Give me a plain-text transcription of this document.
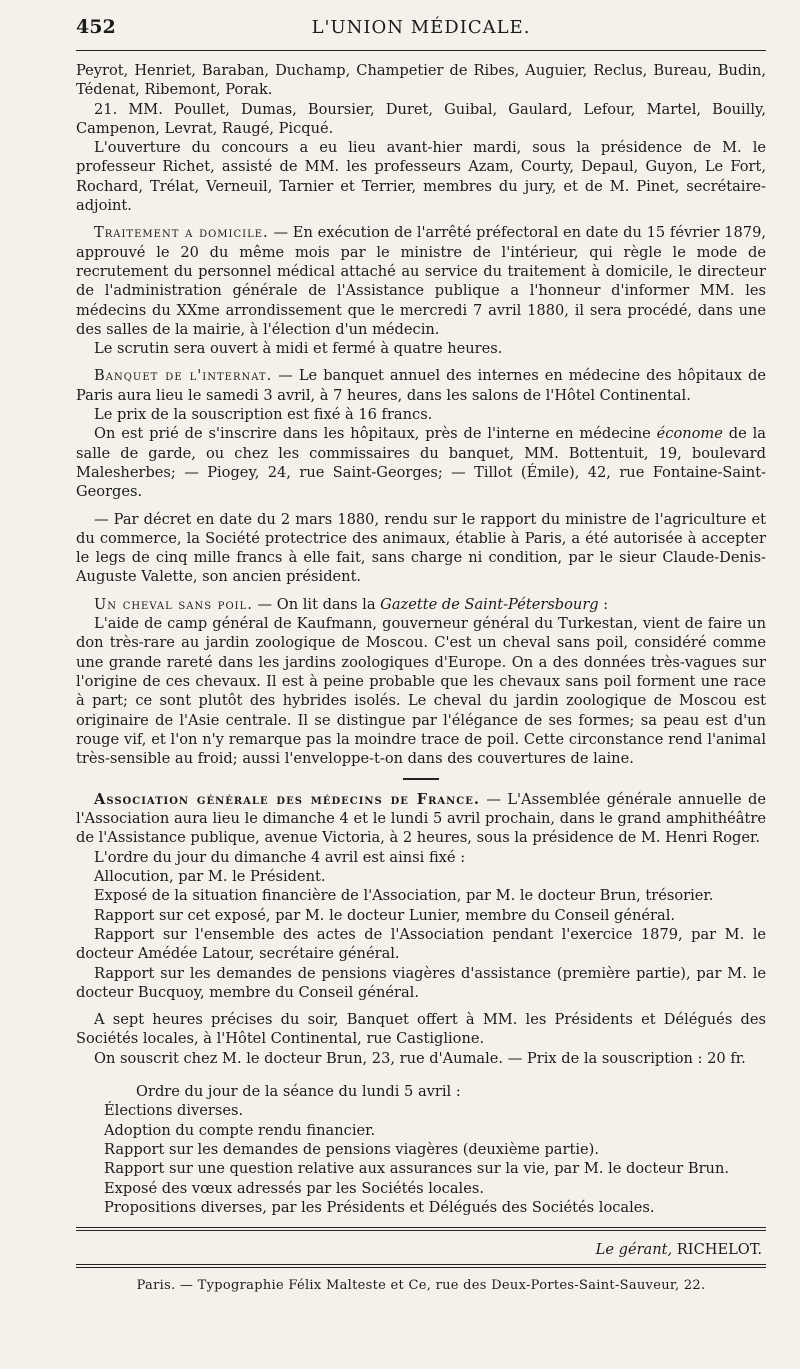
452	L'UNION MÉDICALE.

Peyrot, Henriet, Baraban, Duchamp, Champetier de Ribes, Auguier, Reclus, Bureau, Budin, Tédenat, Ribemont, Porak.

21. MM. Poullet, Dumas, Boursier, Duret, Guibal, Gaulard, Lefour, Martel, Bouilly, Campenon, Levrat, Raugé, Picqué.

L'ouverture du concours a eu lieu avant-hier mardi, sous la présidence de M. le professeur Richet, assisté de MM. les professeurs Azam, Courty, Depaul, Guyon, Le Fort, Rochard, Trélat, Verneuil, Tarnier et Terrier, membres du jury, et de M. Pinet, secrétaire-adjoint.

Traitement a domicile. — En exécution de l'arrêté préfectoral en date du 15 février 1879, approuvé le 20 du même mois par le ministre de l'intérieur, qui règle le mode de recrutement du personnel médical attaché au service du traitement à domicile, le directeur de l'administration générale de l'Assistance publique a l'honneur d'informer MM. les médecins du XXme arrondissement que le mercredi 7 avril 1880, il sera procédé, dans une des salles de la mairie, à l'élection d'un médecin.

Le scrutin sera ouvert à midi et fermé à quatre heures.

Banquet de l'internat. — Le banquet annuel des internes en médecine des hôpitaux de Paris aura lieu le samedi 3 avril, à 7 heures, dans les salons de l'Hôtel Continental.

Le prix de la souscription est fixé à 16 francs.

On est prié de s'inscrire dans les hôpitaux, près de l'interne en médecine économe de la salle de garde, ou chez les commissaires du banquet, MM. Bottentuit, 19, boulevard Malesherbes; — Piogey, 24, rue Saint-Georges; — Tillot (Émile), 42, rue Fontaine-Saint-Georges.

— Par décret en date du 2 mars 1880, rendu sur le rapport du ministre de l'agriculture et du commerce, la Société protectrice des animaux, établie à Paris, a été autorisée à accepter le legs de cinq mille francs à elle fait, sans charge ni condition, par le sieur Claude-Denis-Auguste Valette, son ancien président.

Un cheval sans poil. — On lit dans la Gazette de Saint-Pétersbourg :

L'aide de camp général de Kaufmann, gouverneur général du Turkestan, vient de faire un don très-rare au jardin zoologique de Moscou. C'est un cheval sans poil, considéré comme une grande rareté dans les jardins zoologiques d'Europe. On a des données très-vagues sur l'origine de ces chevaux. Il est à peine probable que les chevaux sans poil forment une race à part; ce sont plutôt des hybrides isolés. Le cheval du jardin zoologique de Moscou est originaire de l'Asie centrale. Il se distingue par l'élégance de ses formes; sa peau est d'un rouge vif, et l'on n'y remarque pas la moindre trace de poil. Cette circonstance rend l'animal très-sensible au froid; aussi l'enveloppe-t-on dans des couvertures de laine.

Association générale des médecins de France. — L'Assemblée générale annuelle de l'Association aura lieu le dimanche 4 et le lundi 5 avril prochain, dans le grand amphithéâtre de l'Assistance publique, avenue Victoria, à 2 heures, sous la présidence de M. Henri Roger.

L'ordre du jour du dimanche 4 avril est ainsi fixé :

Allocution, par M. le Président.

Exposé de la situation financière de l'Association, par M. le docteur Brun, trésorier.

Rapport sur cet exposé, par M. le docteur Lunier, membre du Conseil général.

Rapport sur l'ensemble des actes de l'Association pendant l'exercice 1879, par M. le docteur Amédée Latour, secrétaire général.

Rapport sur les demandes de pensions viagères d'assistance (première partie), par M. le docteur Bucquoy, membre du Conseil général.

A sept heures précises du soir, Banquet offert à MM. les Présidents et Délégués des Sociétés locales, à l'Hôtel Continental, rue Castiglione.

On souscrit chez M. le docteur Brun, 23, rue d'Aumale. — Prix de la souscription : 20 fr.

Ordre du jour de la séance du lundi 5 avril :

Élections diverses.

Adoption du compte rendu financier.

Rapport sur les demandes de pensions viagères (deuxième partie).

Rapport sur une question relative aux assurances sur la vie, par M. le docteur Brun.

Exposé des vœux adressés par les Sociétés locales.

Propositions diverses, par les Présidents et Délégués des Sociétés locales.

Le gérant, RICHELOT.
Paris. — Typographie Félix Malteste et Ce, rue des Deux-Portes-Saint-Sauveur, 22.
